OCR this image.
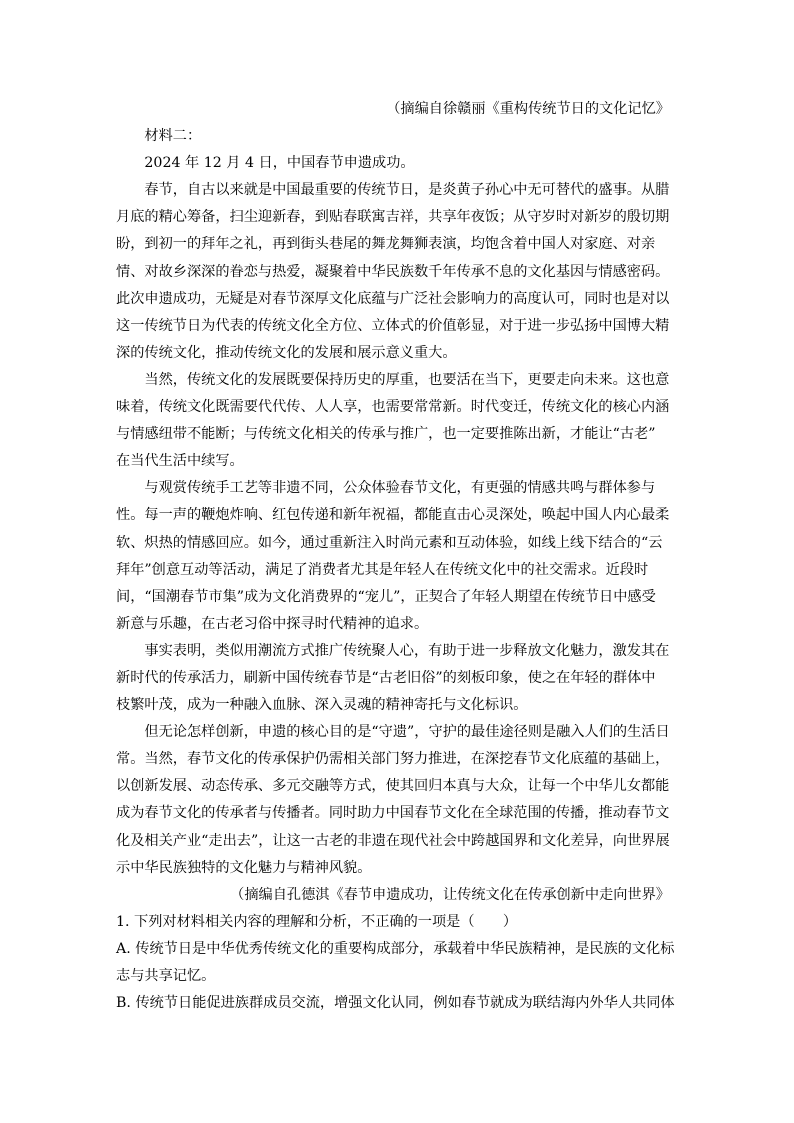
（摘编自徐赣丽《重构传统节日的文化记忆》

材料二：

2024 年 12 月 4 日，中国春节申遗成功。

春节，自古以来就是中国最重要的传统节日，是炎黄子孙心中无可替代的盛事。从腊
月底的精心筹备，扫尘迎新春，到贴春联寓吉祥，共享年夜饭；从守岁时对新岁的殷切期
盼，到初一的拜年之礼，再到街头巷尾的舞龙舞狮表演，均饱含着中国人对家庭、对亲
情、对故乡深深的眷恋与热爱，凝聚着中华民族数千年传承不息的文化基因与情感密码。
此次申遗成功，无疑是对春节深厚文化底蕴与广泛社会影响力的高度认可，同时也是对以
这一传统节日为代表的传统文化全方位、立体式的价值彰显，对于进一步弘扬中国博大精
深的传统文化，推动传统文化的发展和展示意义重大。

当然，传统文化的发展既要保持历史的厚重，也要活在当下，更要走向未来。这也意
味着，传统文化既需要代代传、人人享，也需要常常新。时代变迁，传统文化的核心内涵
与情感纽带不能断；与传统文化相关的传承与推广，也一定要推陈出新，才能让“古老”
在当代生活中续写。

与观赏传统手工艺等非遗不同，公众体验春节文化，有更强的情感共鸣与群体参与
性。每一声的鞭炮炸响、红包传递和新年祝福，都能直击心灵深处，唤起中国人内心最柔
软、炽热的情感回应。如今，通过重新注入时尚元素和互动体验，如线上线下结合的“云
拜年”创意互动等活动，满足了消费者尤其是年轻人在传统文化中的社交需求。近段时
间，“国潮春节市集”成为文化消费界的“宠儿”，正契合了年轻人期望在传统节日中感受
新意与乐趣，在古老习俗中探寻时代精神的追求。

事实表明，类似用潮流方式推广传统聚人心，有助于进一步释放文化魅力，激发其在
新时代的传承活力，刷新中国传统春节是“古老旧俗”的刻板印象，使之在年轻的群体中
枝繁叶茂，成为一种融入血脉、深入灵魂的精神寄托与文化标识。

但无论怎样创新，申遗的核心目的是“守遗”，守护的最佳途径则是融入人们的生活日
常。当然，春节文化的传承保护仍需相关部门努力推进，在深挖春节文化底蕴的基础上，
以创新发展、动态传承、多元交融等方式，使其回归本真与大众，让每一个中华儿女都能
成为春节文化的传承者与传播者。同时助力中国春节文化在全球范围的传播，推动春节文
化及相关产业“走出去”，让这一古老的非遗在现代社会中跨越国界和文化差异，向世界展
示中华民族独特的文化魅力与精神风貌。

（摘编自孔德淇《春节申遗成功，让传统文化在传承创新中走向世界》

1. 下列对材料相关内容的理解和分析，不正确的一项是（　　）

A. 传统节日是中华优秀传统文化的重要构成部分，承载着中华民族精神，是民族的文化标
志与共享记忆。

B. 传统节日能促进族群成员交流，增强文化认同，例如春节就成为联结海内外华人共同体
